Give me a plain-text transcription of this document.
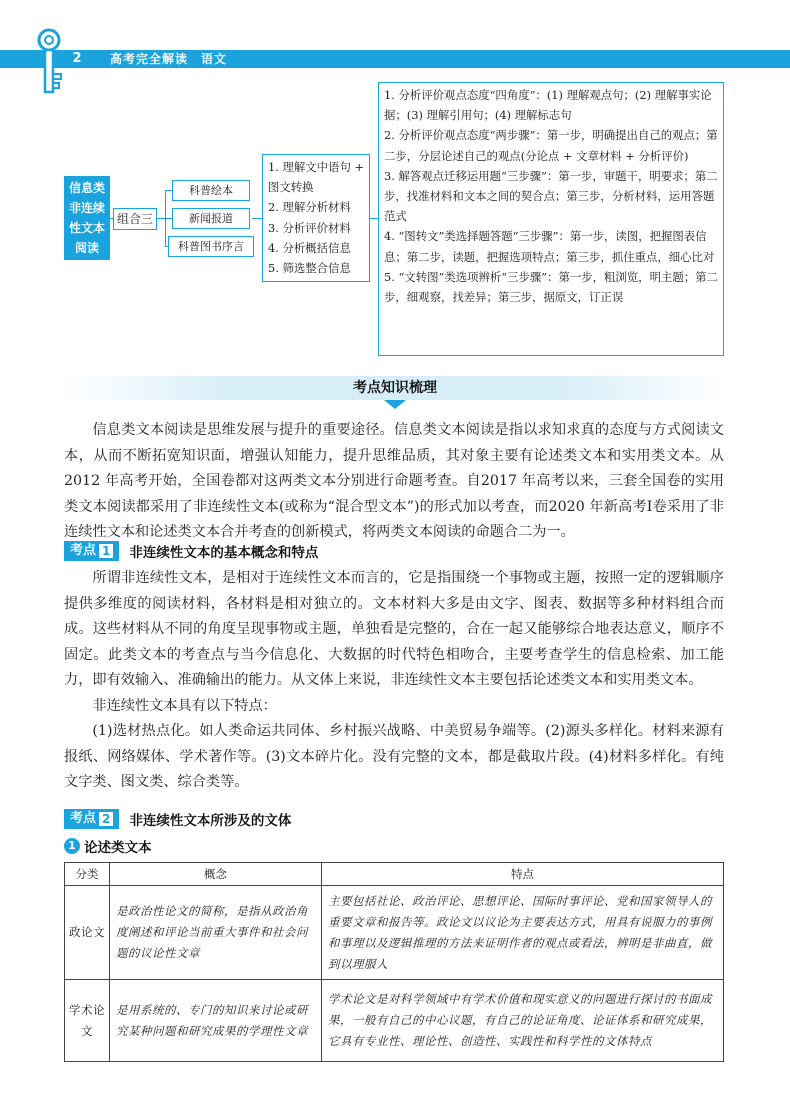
2	高考完全解读　语文
信息类非连续性文本阅读
组合三
科普绘本
新闻报道
科普图书序言
1. 理解文中语句 + 图文转换
2. 理解分析材料
3. 分析评价材料
4. 分析概括信息
5. 筛选整合信息
1. 分析评价观点态度“四角度”：(1) 理解观点句；(2) 理解事实论据；(3) 理解引用句；(4) 理解标志句
2. 分析评价观点态度“两步骤”：第一步，明确提出自己的观点；第二步，分层论述自己的观点(分论点 + 文章材料 + 分析评价)
3. 解答观点迁移运用题“三步骤”：第一步，审题干，明要求；第二步，找准材料和文本之间的契合点；第三步，分析材料，运用答题范式
4. “图转文”类选择题答题“三步骤”：第一步，读图，把握图表信息；第二步，读题，把握选项特点；第三步，抓住重点，细心比对
5. “文转图”类选项辨析“三步骤”：第一步，粗浏览，明主题；第二步，细观察，找差异；第三步，据原文，订正误
考点知识梳理

信息类文本阅读是思维发展与提升的重要途径。信息类文本阅读是指以求知求真的态度与方式阅读文本，从而不断拓宽知识面，增强认知能力，提升思维品质，其对象主要有论述类文本和实用类文本。从2012 年高考开始，全国卷都对这两类文本分别进行命题考查。自2017 年高考以来，三套全国卷的实用类文本阅读都采用了非连续性文本(或称为“混合型文本”)的形式加以考查，而2020 年新高考Ⅰ卷采用了非连续性文本和论述类文本合并考查的创新模式，将两类文本阅读的命题合二为一。

考点 1 非连续性文本的基本概念和特点

所谓非连续性文本，是相对于连续性文本而言的，它是指围绕一个事物或主题，按照一定的逻辑顺序提供多维度的阅读材料，各材料是相对独立的。文本材料大多是由文字、图表、数据等多种材料组合而成。这些材料从不同的角度呈现事物或主题，单独看是完整的，合在一起又能够综合地表达意义，顺序不固定。此类文本的考查点与当今信息化、大数据的时代特色相吻合，主要考查学生的信息检索、加工能力，即有效输入、准确输出的能力。从文体上来说，非连续性文本主要包括论述类文本和实用类文本。

非连续性文本具有以下特点：

(1)选材热点化。如人类命运共同体、乡村振兴战略、中美贸易争端等。(2)源头多样化。材料来源有报纸、网络媒体、学术著作等。(3)文本碎片化。没有完整的文本，都是截取片段。(4)材料多样化。有纯文字类、图文类、综合类等。

考点 2 非连续性文本所涉及的文体
1 论述类文本
分类	概念	特点
政论文	是政治性论文的简称，是指从政治角度阐述和评论当前重大事件和社会问题的议论性文章	主要包括社论、政治评论、思想评论、国际时事评论、党和国家领导人的重要文章和报告等。政论文以议论为主要表达方式，用具有说服力的事例和事理以及逻辑推理的方法来证明作者的观点或看法，辨明是非曲直，做到以理服人
学术论文	是用系统的、专门的知识来讨论或研究某种问题和研究成果的学理性文章	学术论文是对科学领域中有学术价值和现实意义的问题进行探讨的书面成果，一般有自己的中心议题，有自己的论证角度、论证体系和研究成果，它具有专业性、理论性、创造性、实践性和科学性的文体特点
